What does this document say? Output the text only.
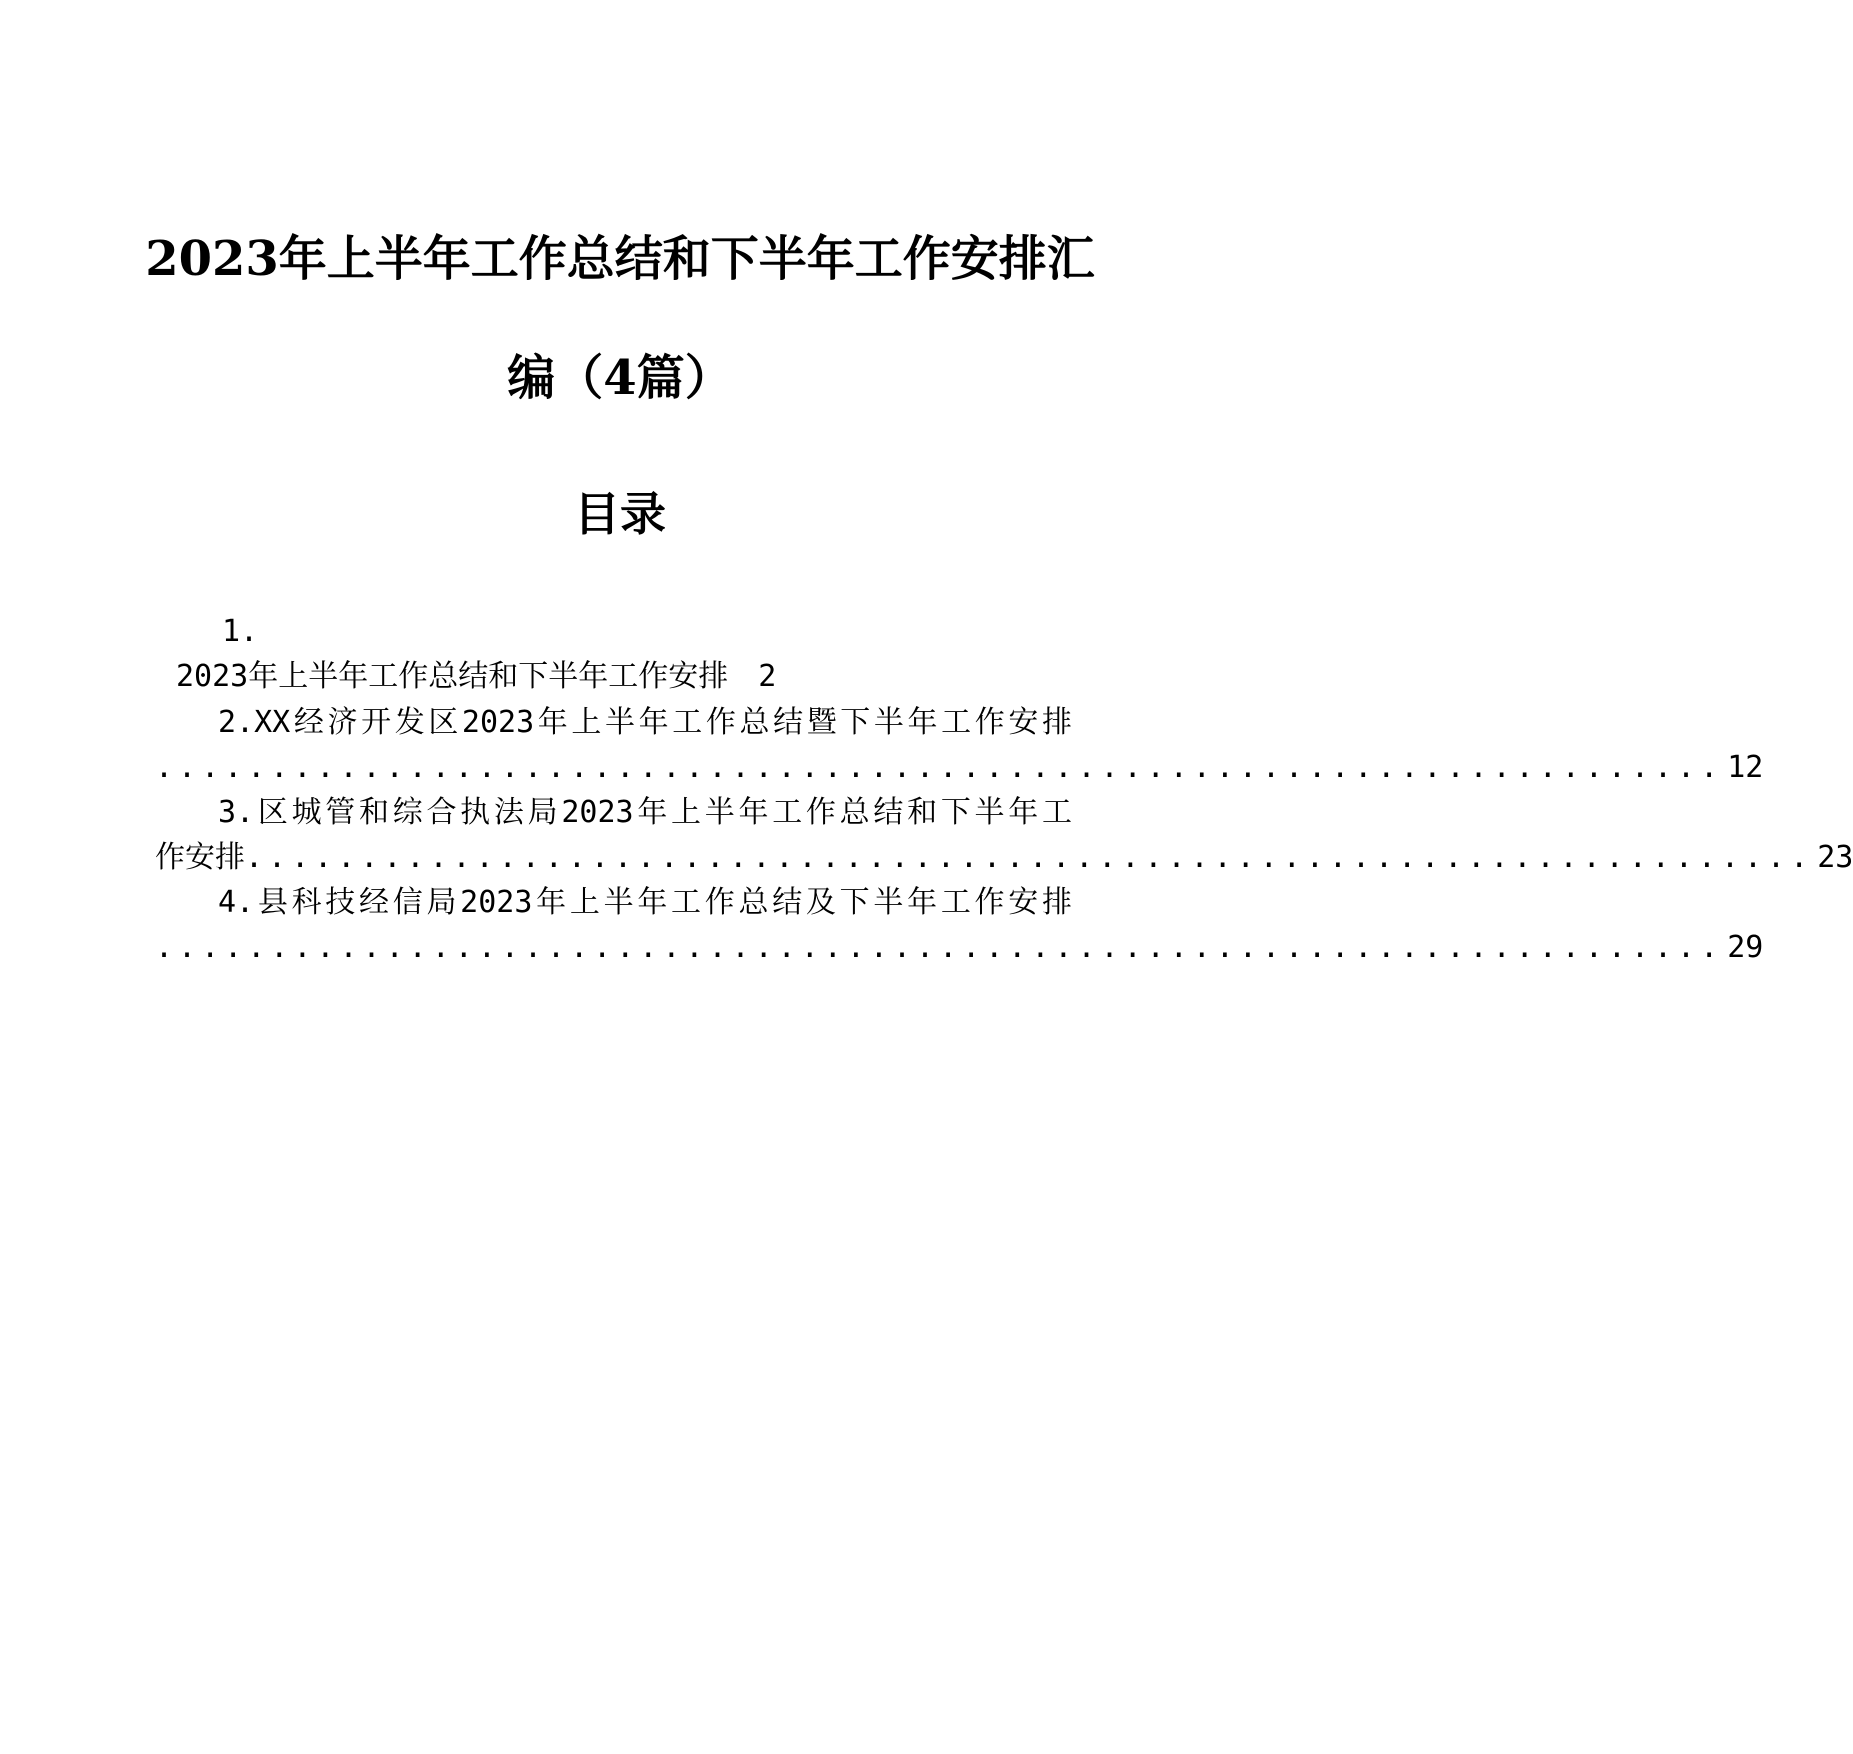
2023年上半年工作总结和下半年工作安排汇
编（4篇）
目录
1.
2023年上半年工作总结和下半年工作安排 2
2.XX经济开发区2023年上半年工作总结暨下半年工作安排
.................................................................... 12
3.区城管和综合执法局2023年上半年工作总结和下半年工
作安排 .................................................................... 23
4.县科技经信局2023年上半年工作总结及下半年工作安排
.................................................................... 29
